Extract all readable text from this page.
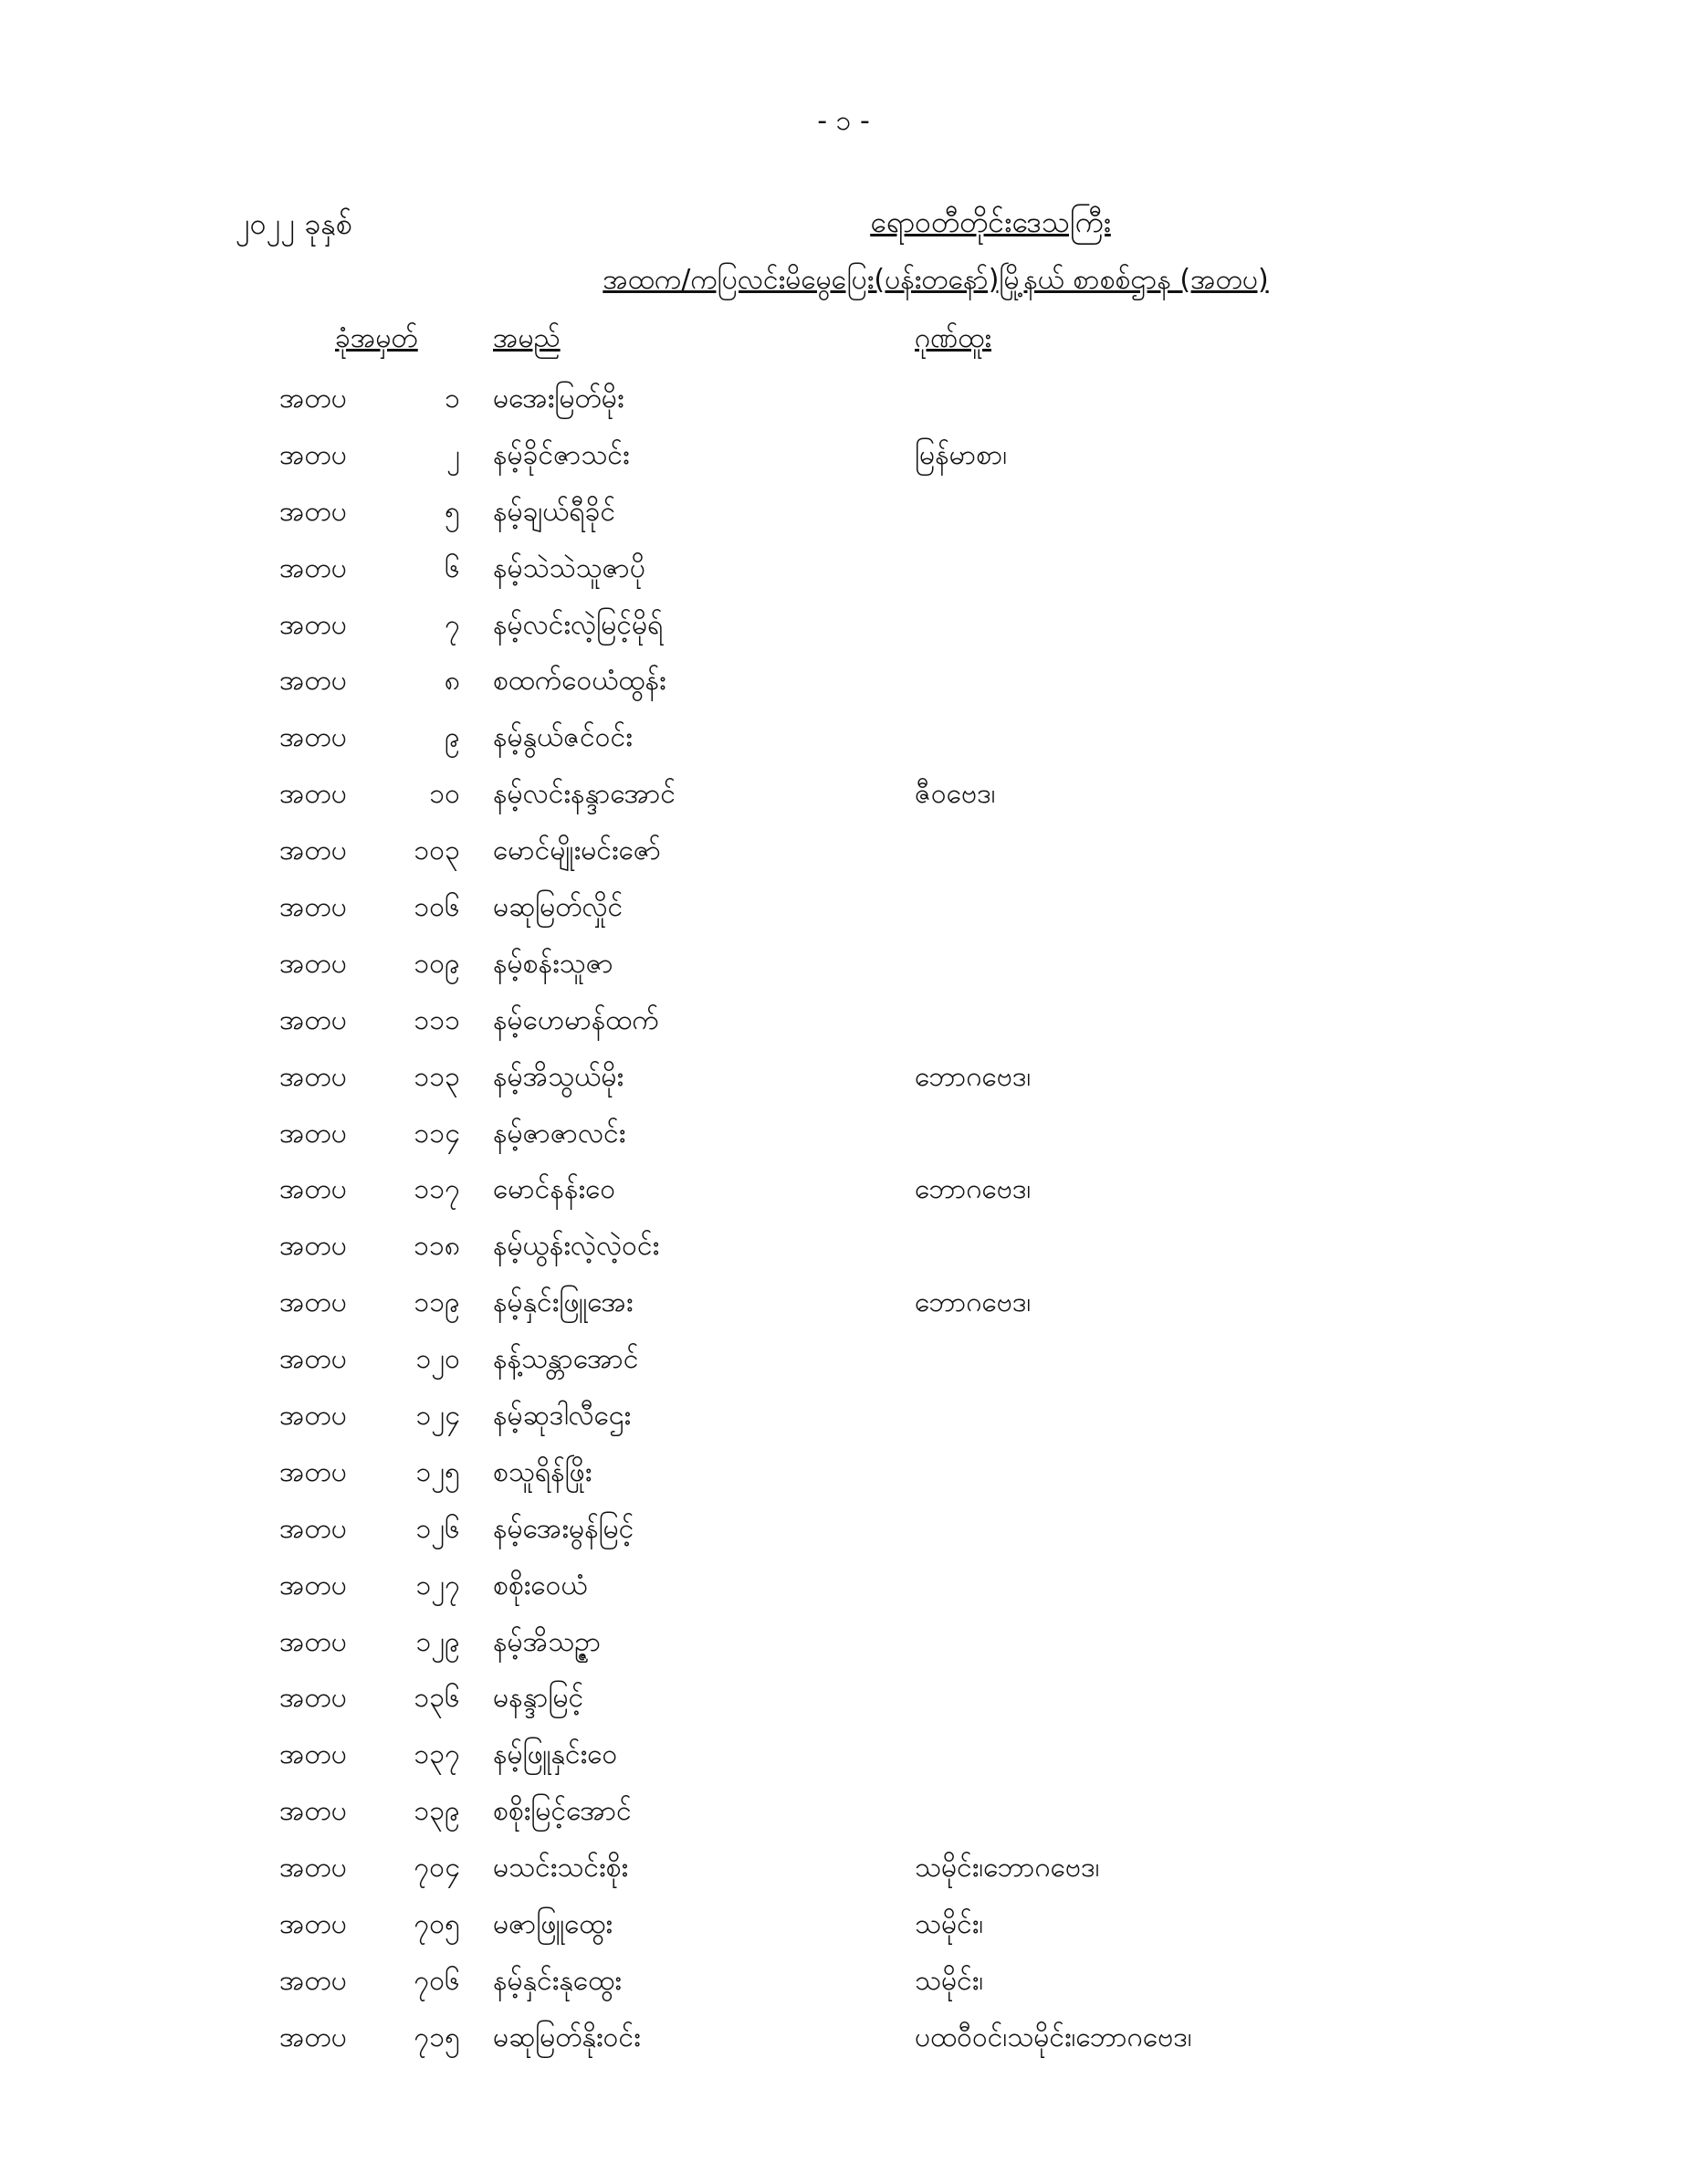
- ၁ -
၂၀၂၂ ခုနှစ်	ရောဝတီတိုင်းဒေသကြီး
အထက/ကပြလင်းမိမွေပြေး(ပန်းတနော်)မြို့နယ် စာစစ်ဌာန (အတပ)
ခုံအမှတ်	အမည်	ဂုဏ်ထူး
အတပ	၁ မအေးမြတ်မိုး
အတပ	၂ နမ့်ခိုင်ဇာသင်း	မြန်မာစာ၊
အတပ	၅ နမ့်ချယ်ရီခိုင်
အတပ	၆ နမ့်သဲသဲသူဇာပို
အတပ	၇ နမ့်လင်းလဲ့မြင့်မိုရ်
အတပ	၈ စထက်ဝေယံထွန်း
အတပ	၉ နမ့်နွယ်ဇင်ဝင်း
အတပ	၁၀ နမ့်လင်းနန္ဒာအောင်	ဇီဝဗေဒ၊
အတပ	၁၀၃ မောင်မျိုးမင်းဇော်
အတပ	၁၀၆ မဆုမြတ်လှိုင်
အတပ	၁၀၉ နမ့်စန်းသူဇာ
အတပ	၁၁၁ နမ့်ဟေမာန်ထက်
အတပ	၁၁၃ နမ့်အိသွယ်မိုး	ဘောဂဗေဒ၊
အတပ	၁၁၄ နမ့်ဇာဇာလင်း
အတပ	၁၁၇ မောင်နန်းဝေ	ဘောဂဗေဒ၊
အတပ	၁၁၈ နမ့်ယွန်းလဲ့လဲ့ဝင်း
အတပ	၁၁၉ နမ့်နှင်းဖြူအေး	ဘောဂဗေဒ၊
အတပ	၁၂၀ နန့်သန္တာအောင်
အတပ	၁၂၄ နမ့်ဆုဒါလီဌေး
အတပ	၁၂၅ စသူရိန်ဖြိုး
အတပ	၁၂၆ နမ့်အေးမွန်မြင့်
အတပ	၁၂၇ စစိုးဝေယံ
အတပ	၁၂၉ နမ့်အိသဥ္ဇာ
အတပ	၁၃၆ မနန္ဒာမြင့်
အတပ	၁၃၇ နမ့်ဖြူနှင်းဝေ
အတပ	၁၃၉ စစိုးမြင့်အောင်
အတပ	၇၀၄ မသင်းသင်းစိုး	သမိုင်း၊ဘောဂဗေဒ၊
အတပ	၇၀၅ မဇာဖြူထွေး	သမိုင်း၊
အတပ	၇၀၆ နမ့်နှင်းနုထွေး	သမိုင်း၊
အတပ	၇၁၅ မဆုမြတ်နိုးဝင်း	ပထဝီဝင်၊သမိုင်း၊ဘောဂဗေဒ၊
